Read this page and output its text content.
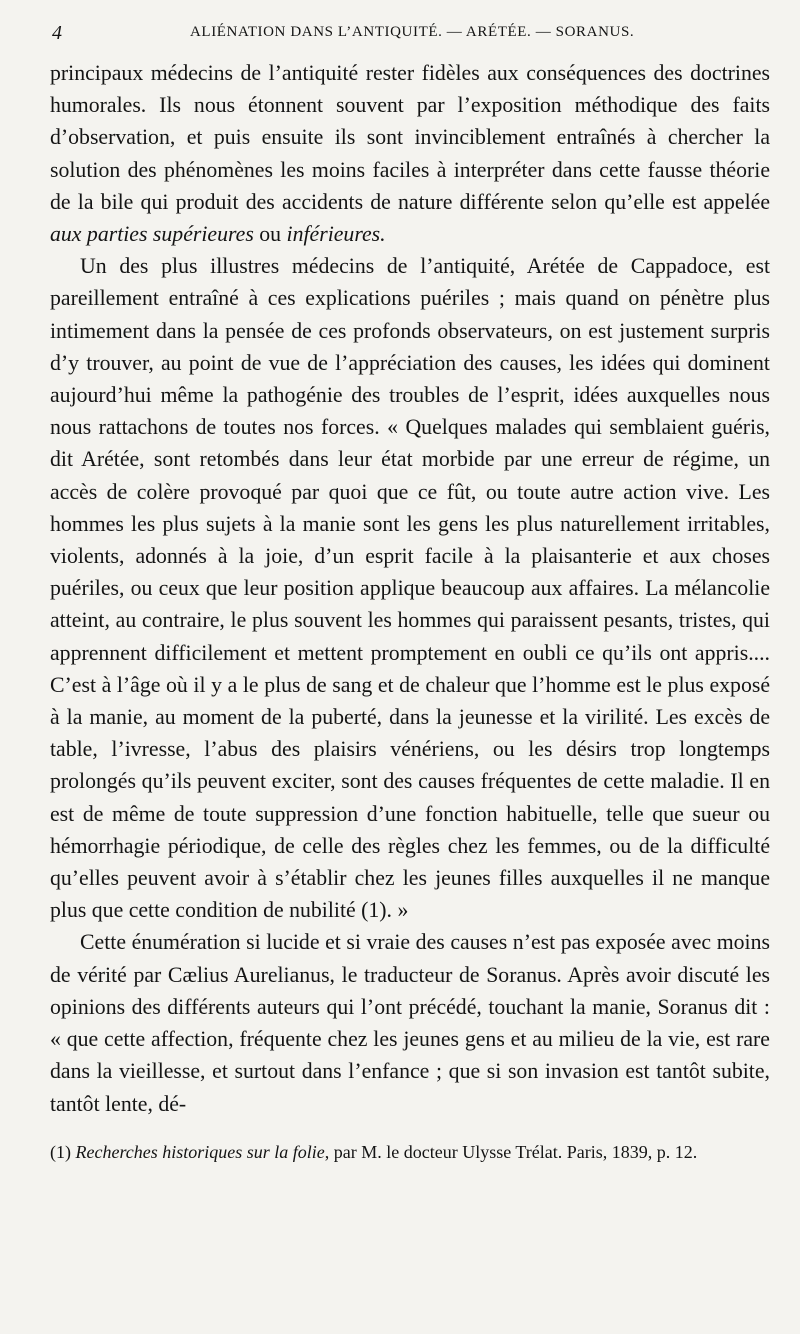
4	ALIÉNATION DANS L’ANTIQUITÉ. — ARÉTÉE. — SORANUS.

principaux médecins de l’antiquité rester fidèles aux conséquences des doctrines humorales. Ils nous étonnent souvent par l’exposition méthodique des faits d’observation, et puis ensuite ils sont invinciblement entraînés à chercher la solution des phénomènes les moins faciles à interpréter dans cette fausse théorie de la bile qui produit des accidents de nature différente selon qu’elle est appelée aux parties supérieures ou inférieures.

Un des plus illustres médecins de l’antiquité, Arétée de Cappadoce, est pareillement entraîné à ces explications puériles ; mais quand on pénètre plus intimement dans la pensée de ces profonds observateurs, on est justement surpris d’y trouver, au point de vue de l’appréciation des causes, les idées qui dominent aujourd’hui même la pathogénie des troubles de l’esprit, idées auxquelles nous nous rattachons de toutes nos forces. « Quelques malades qui semblaient guéris, dit Arétée, sont retombés dans leur état morbide par une erreur de régime, un accès de colère provoqué par quoi que ce fût, ou toute autre action vive. Les hommes les plus sujets à la manie sont les gens les plus naturellement irritables, violents, adonnés à la joie, d’un esprit facile à la plaisanterie et aux choses puériles, ou ceux que leur position applique beaucoup aux affaires. La mélancolie atteint, au contraire, le plus souvent les hommes qui paraissent pesants, tristes, qui apprennent difficilement et mettent promptement en oubli ce qu’ils ont appris.... C’est à l’âge où il y a le plus de sang et de chaleur que l’homme est le plus exposé à la manie, au moment de la puberté, dans la jeunesse et la virilité. Les excès de table, l’ivresse, l’abus des plaisirs vénériens, ou les désirs trop longtemps prolongés qu’ils peuvent exciter, sont des causes fréquentes de cette maladie. Il en est de même de toute suppression d’une fonction habituelle, telle que sueur ou hémorrhagie périodique, de celle des règles chez les femmes, ou de la difficulté qu’elles peuvent avoir à s’établir chez les jeunes filles auxquelles il ne manque plus que cette condition de nubilité (1). »

Cette énumération si lucide et si vraie des causes n’est pas exposée avec moins de vérité par Cælius Aurelianus, le traducteur de Soranus. Après avoir discuté les opinions des différents auteurs qui l’ont précédé, touchant la manie, Soranus dit : « que cette affection, fréquente chez les jeunes gens et au milieu de la vie, est rare dans la vieillesse, et surtout dans l’enfance ; que si son invasion est tantôt subite, tantôt lente, dé-

(1) Recherches historiques sur la folie, par M. le docteur Ulysse Trélat. Paris, 1839, p. 12.
